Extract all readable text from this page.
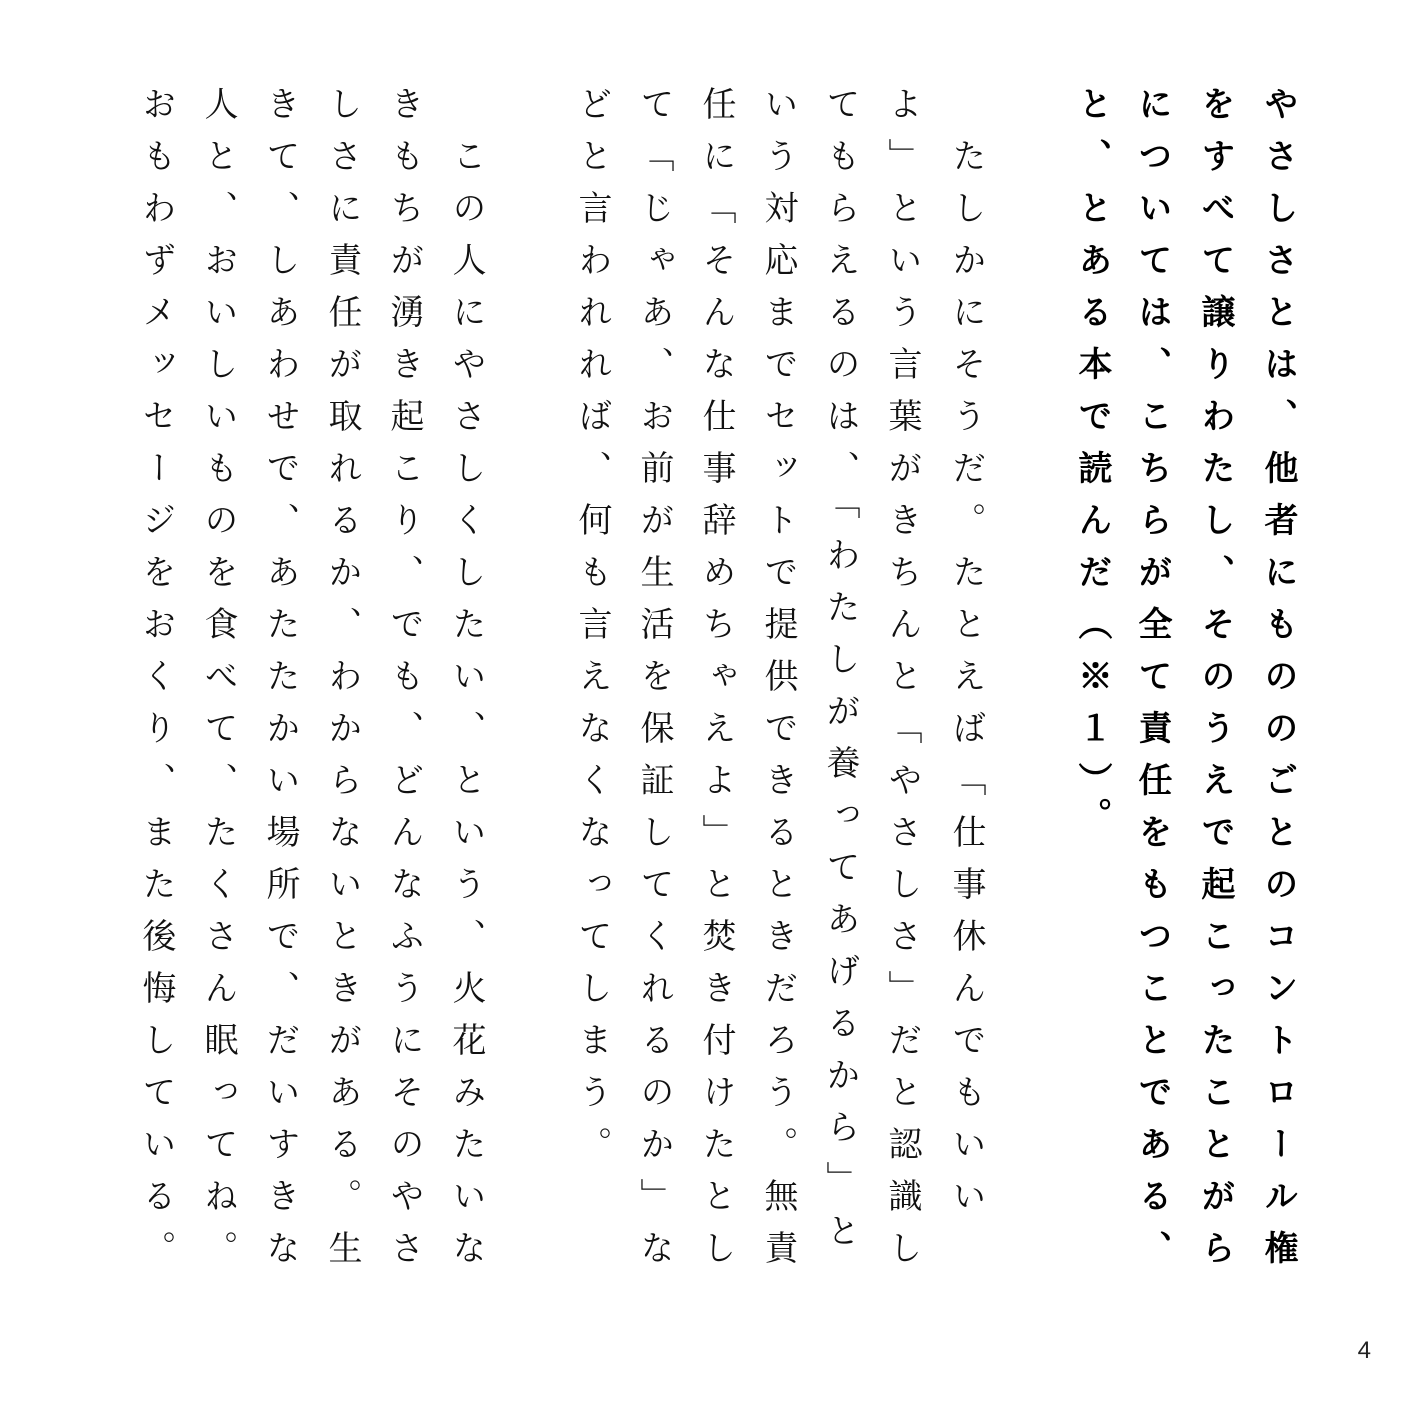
やさしさとは、他者にもののごとのコントロール権
をすべて譲りわたし、そのうえで起こったことがら
については、こちらが全て責任をもつことである、
と、とある本で読んだ（※１）。
　たしかにそうだ。たとえば「仕事休んでもいい
よ」という言葉がきちんと「やさしさ」だと認識し
てもらえるのは、「わたしが養ってあげるから」と
いう対応までセットで提供できるときだろう。無責
任に「そんな仕事辞めちゃえよ」と焚き付けたとし
て「じゃあ、お前が生活を保証してくれるのか」な
どと言われれば、何も言えなくなってしまう。
　この人にやさしくしたい、という、火花みたいな
きもちが湧き起こり、でも、どんなふうにそのやさ
しさに責任が取れるか、わからないときがある。生
きて、しあわせで、あたたかい場所で、だいすきな
人と、おいしいものを食べて、たくさん眠ってね。
おもわずメッセージをおくり、また後悔している。
4
